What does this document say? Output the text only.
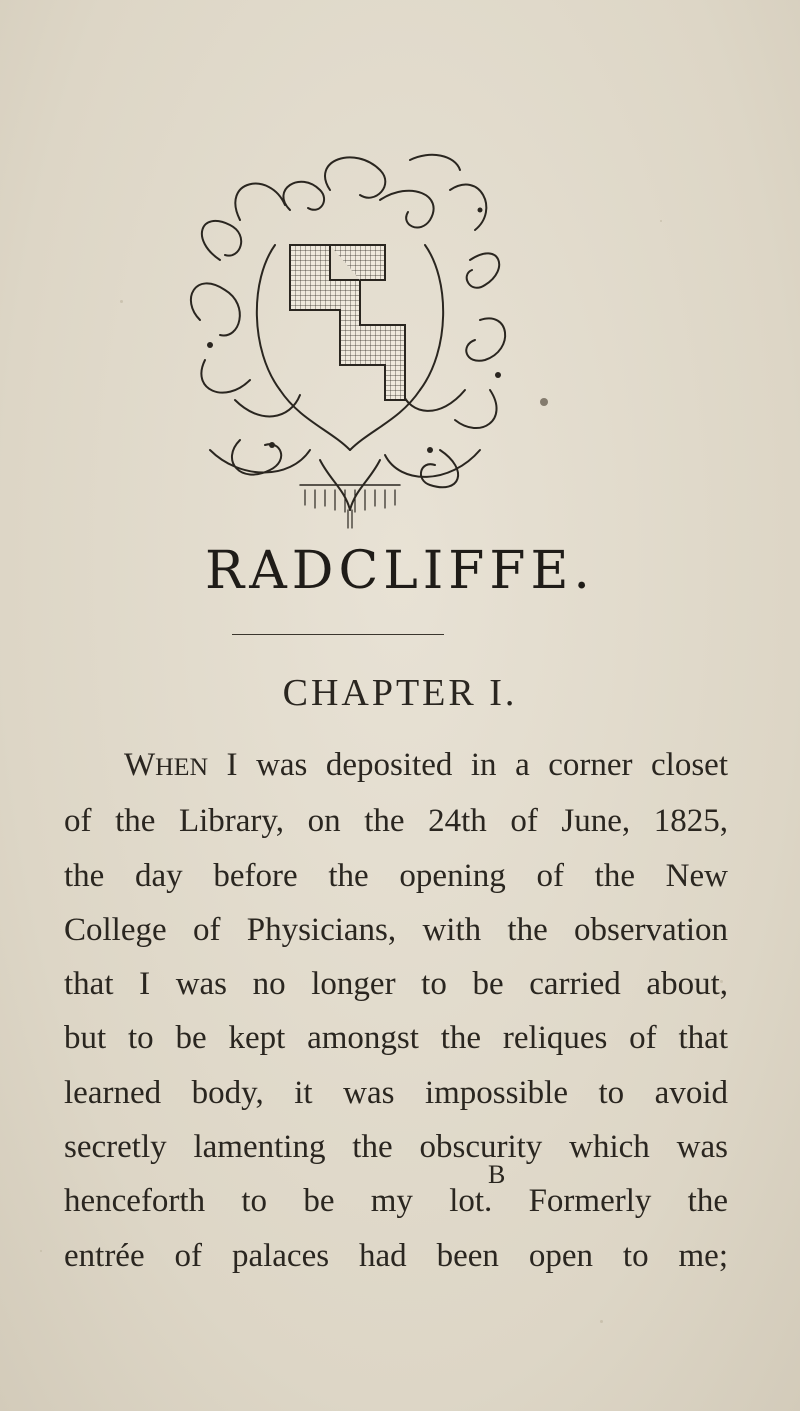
RADCLIFFE.
CHAPTER I.

WHEN I was deposited in a corner closet
of the Library, on the 24th of June, 1825,
the day before the opening of the New
College of Physicians, with the observation
that I was no longer to be carried about,
but to be kept amongst the reliques of that
learned body, it was impossible to avoid
secretly lamenting the obscurity which was
henceforth to be my lot. Formerly the
entrée of palaces had been open to me;

B
